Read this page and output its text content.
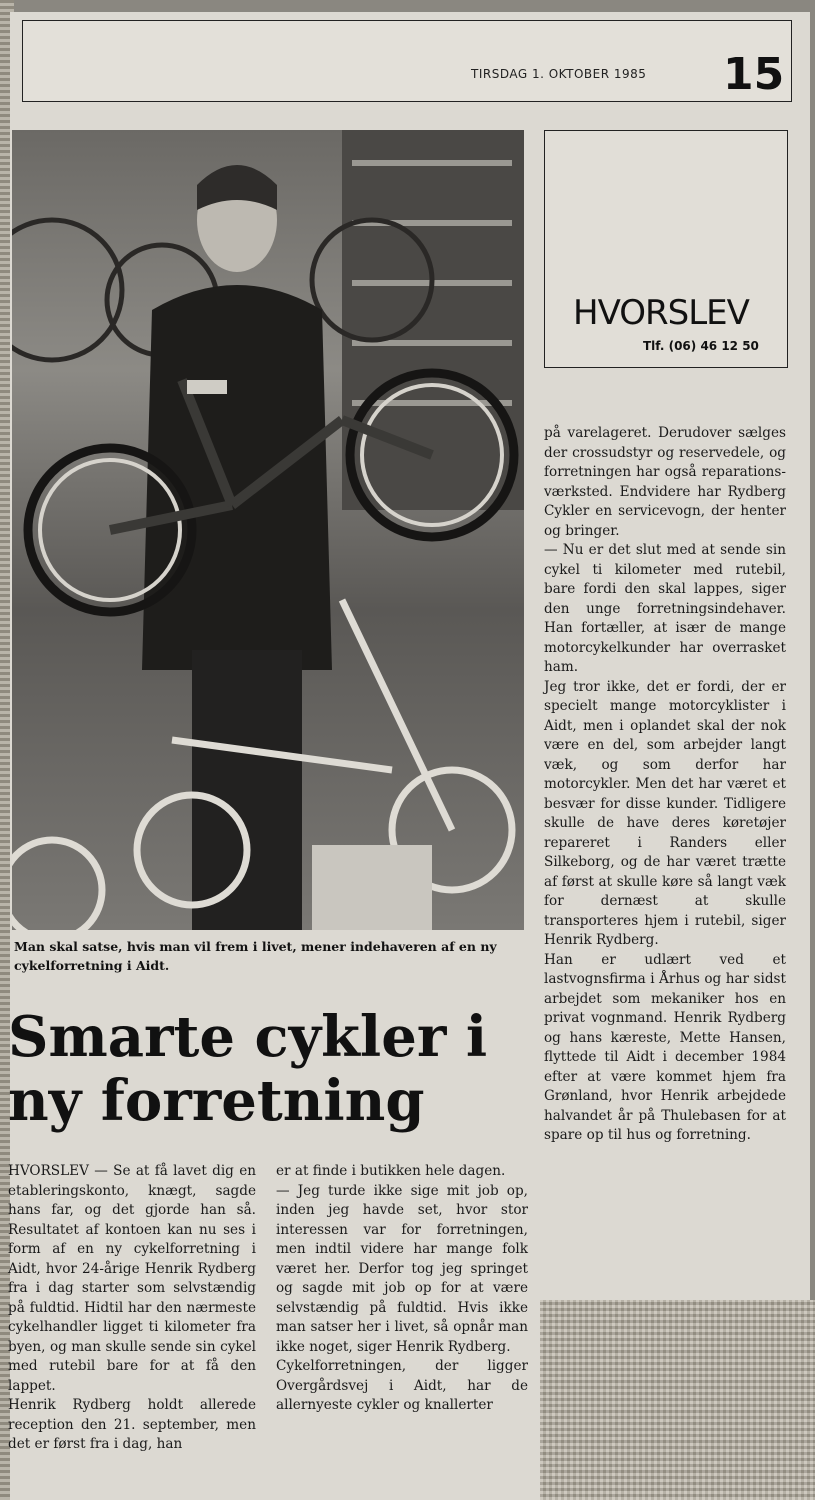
TIRSDAG 1. OKTOBER 1985 15
Man skal satse, hvis man vil frem i livet, mener indehaveren af en ny cykelforretning i Aidt.
HVORSLEV
Tlf. (06) 46 12 50
Smarte cykler i ny forretning
HVORSLEV — Se at få lavet dig en etableringskonto, knægt, sagde hans far, og det gjorde han så. Resultatet af kontoen kan nu ses i form af en ny cykelforretning i Aidt, hvor 24-årige Henrik Rydberg fra i dag starter som selvstændig på fuldtid. Hidtil har den nærmeste cykelhandler ligget ti kilometer fra byen, og man skulle sende sin cykel med rutebil bare for at få den lappet.
Henrik Rydberg holdt allerede reception den 21. september, men det er først fra i dag, han
er at finde i butikken hele dagen.
— Jeg turde ikke sige mit job op, inden jeg havde set, hvor stor interessen var for forretningen, men indtil videre har mange folk været her. Derfor tog jeg springet og sagde mit job op for at være selvstændig på fuldtid. Hvis ikke man satser her i livet, så opnår man ikke noget, siger Henrik Rydberg.
Cykelforretningen, der ligger Overgårdsvej i Aidt, har de allernyeste cykler og knallerter
på varelageret. Derudover sælges der crossudstyr og reservedele, og forretningen har også reparations-værksted. Endvidere har Rydberg Cykler en servicevogn, der henter og bringer.
— Nu er det slut med at sende sin cykel ti kilometer med rutebil, bare fordi den skal lappes, siger den unge forretningsindehaver. Han fortæller, at især de mange motorcykelkunder har overrasket ham.
Jeg tror ikke, det er fordi, der er specielt mange motorcyklister i Aidt, men i oplandet skal der nok være en del, som arbejder langt væk, og som derfor har motorcykler. Men det har været et besvær for disse kunder. Tidligere skulle de have deres køretøjer repareret i Randers eller Silkeborg, og de har været trætte af først at skulle køre så langt væk for dernæst at skulle transporteres hjem i rutebil, siger Henrik Rydberg.
Han er udlært ved et lastvognsfirma i Århus og har sidst arbejdet som mekaniker hos en privat vognmand. Henrik Rydberg og hans kæreste, Mette Hansen, flyttede til Aidt i december 1984 efter at være kommet hjem fra Grønland, hvor Henrik arbejdede halvandet år på Thulebasen for at spare op til hus og forretning.
